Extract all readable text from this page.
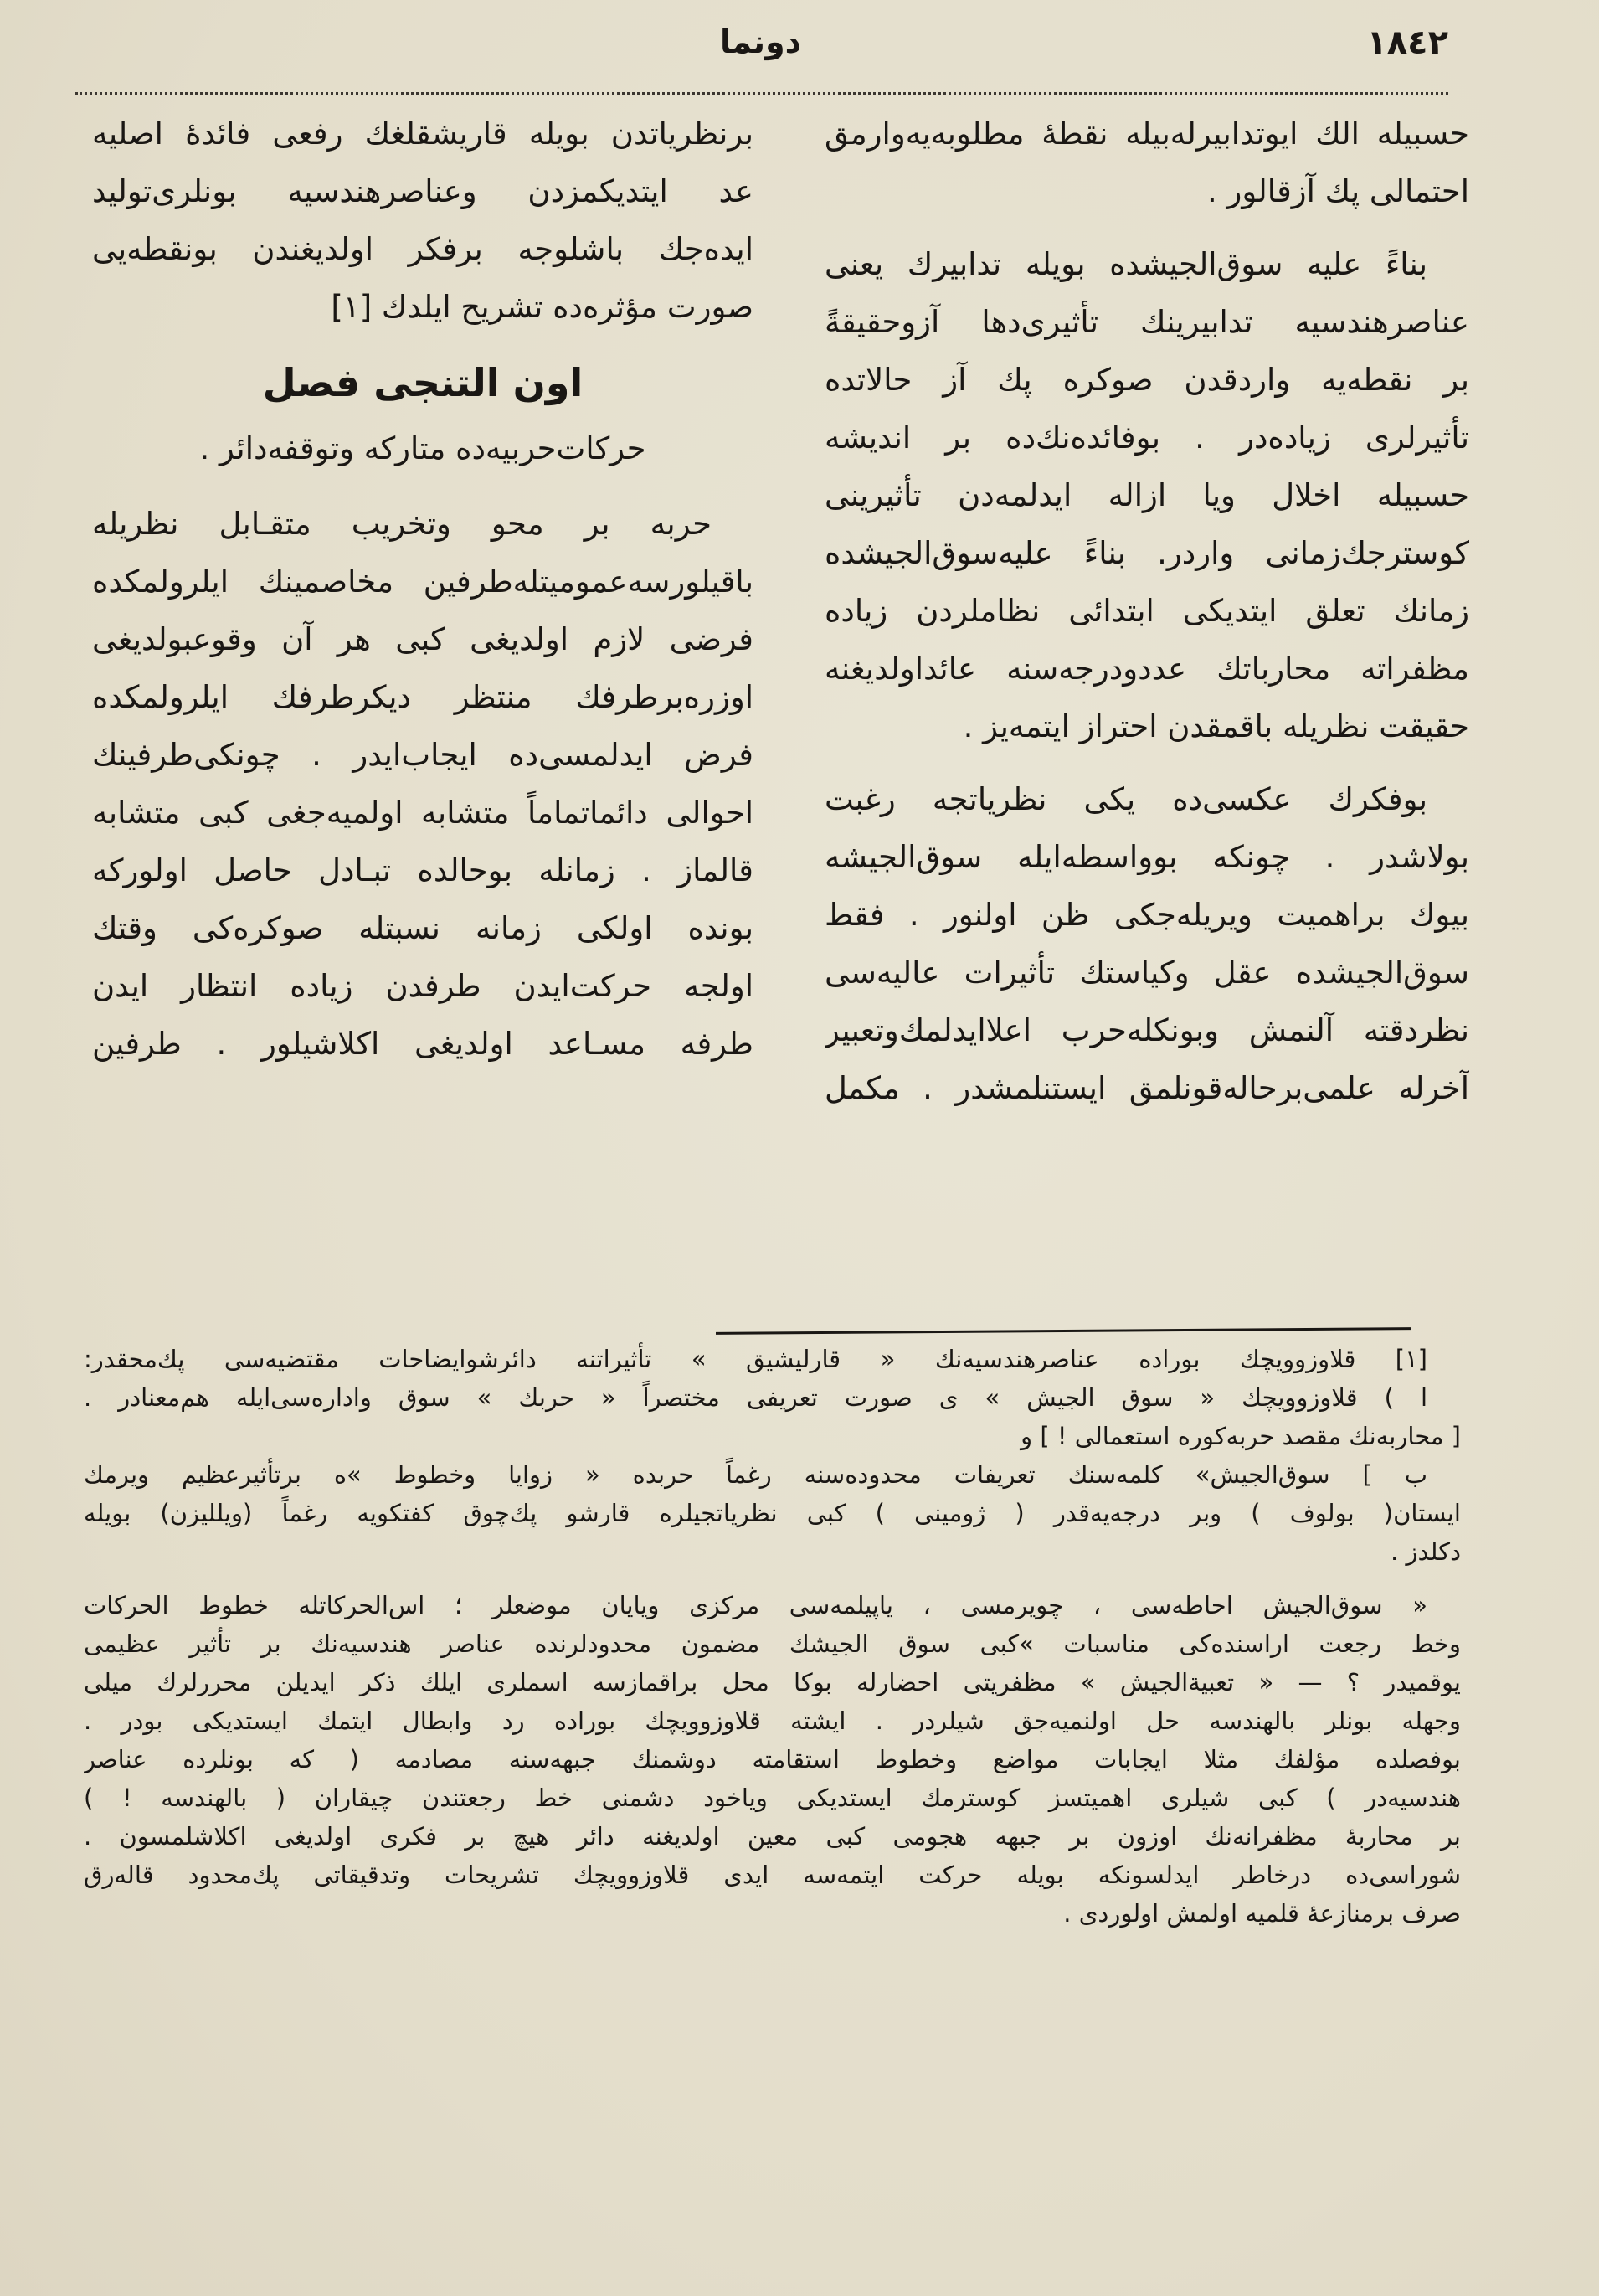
١٨٤٢
دونما
حسبيله الك ايوتدابيرله‌بيله نقطهٔ مطلوبه‌يه‌وارمق
احتمالى پك آزقالور .
بناءً عليه سوق‌الجيشده بويله تدابيرك يعنى
عناصرهندسيه تدابيرينك تأثيرى‌دها آزوحقيقةً
بر نقطه‌يه واردقدن صوكره پك آز حالاتده
تأثيرلرى زياده‌در . بوفائده‌نك‌ده بر انديشه
حسبيله اخلال ويا ازاله ايدلمه‌دن تأثيرينى
كوسترجك‌زمانى واردر. بناءً عليه‌سوق‌الجيشده
زمانك تعلق ايتديكى ابتدائى نظاملردن زياده
مظفراته محارباتك عددودرجه‌سنه عائداولديغنه
حقيقت نظريله باقمقدن احتراز ايتمه‌يز .
بوفكرك عكسى‌ده يكى نظرياتجه رغبت
بولاشدر . چونكه بوواسطه‌ايله سوق‌الجيشه
بيوك براهميت ويريله‌جكى ظن اولنور . فقط
سوق‌الجيشده عقل وكياستك تأثيرات عاليه‌سى
نظردقته آلنمش وبونكله‌حرب اعلاايدلمك‌وتعبير
آخرله علمى‌برحاله‌قونلمق ايستنلمشدر . مكمل
برنظرياتدن بويله قاريشقلغك رفعى فائدهٔ اصليه
عد ايتديكمزدن وعناصرهندسيه بونلرى‌توليد
ايده‌جك باشلوجه برفكر اولديغندن بونقطه‌يى
صورت مؤثره‌ده تشريح ايلدك [١]
اون التنجى فصل
حركات‌حربيه‌ده متاركه وتوقفه‌دائر .
حربه بر محو وتخريب متقـابل نظريله
باقيلورسه‌عموميتله‌طرفين مخاصمينك ايلرولمكده
فرضى لازم اولديغى كبى هر آن وقوعبولديغى
اوزره‌برطرفك منتظر ديكرطرفك ايلرولمكده
فرض ايدلمسى‌ده ايجاب‌ايدر . چونكى‌طرفينك
احوالى دائماتماماً متشابه اولميه‌جغى كبى متشابه
قالماز . زمانله بوحالده تبـادل حاصل اولوركه
بونده اولكى زمانه نسبتله صوكره‌كى وقتك
اولجه حركت‌ايدن طرفدن زياده انتظار ايدن
طرفه مسـاعد اولديغى اكلاشيلور . طرفين
[١] قلاوزوويچك بوراده عناصرهندسيه‌نك « قارليشيق » تأثيراتنه دائرشوايضاحات مقتضيه‌سى پك‌محقدر:
ا ) قلاوزوويچك « سوق الجيش » ى صورت تعريفى مختصراً « حربك » سوق واداره‌سى‌ايله هم‌معنادر .
[ محاربه‌نك مقصد حربه‌كوره استعمالى ! ] و
ب ] سوق‌الجيش» كلمه‌سنك تعريفات محدوده‌سنه رغماً حربده « زوايا وخطوط »ه برتأثيرعظيم ويرمك
ايستان( بولوف ) وبر درجه‌يه‌قدر ( ژومينى ) كبى نظرياتجيلره قارشو پك‌چوق كفتكويه رغماً (ويلليزن) بويله
دكلدز .
« سوق‌الجيش احاطه‌سى ، چويرمسى ، ياپيلمه‌سى مركزى ويايان موضعلر ؛ اس‌الحركاتله خطوط الحركات
وخط رجعت اراسنده‌كى مناسبات »كبى سوق الجيشك مضمون محدودلرنده عناصر هندسيه‌نك بر تأثير عظيمى
يوقميدر ؟ — « تعبية‌الجيش » مظفريتى احضارله بوكا محل براقمازسه اسملرى ايلك ذكر ايديلن محررلرك ميلى
وجهله بونلر بالهندسه حل اولنميه‌جق شيلردر . ايشته قلاوزوويچك بوراده رد وابطال ايتمك ايستديكى بودر .
بوفصلده مؤلفك مثلا ايجابات مواضع وخطوط استقامته دوشمنك جبهه‌سنه مصادمه ( كه بونلرده عناصر
هندسيه‌در ) كبى شيلرى اهميتسز كوسترمك ايستديكى وياخود دشمنى خط رجعتندن چيقاران ( بالهندسه ! )
بر محاربهٔ مظفرانه‌نك اوزون بر جبهه هجومى كبى معين اولديغنه دائر هيچ بر فكرى اولديغى اكلاشلمسون .
شوراسى‌ده درخاطر ايدلسونكه بويله حركت ايتمه‌سه ايدى قلاوزوويچك تشريحات وتدقيقاتى پك‌محدود قاله‌رق
صرف برمنازعهٔ قلميه اولمش اولوردى .
